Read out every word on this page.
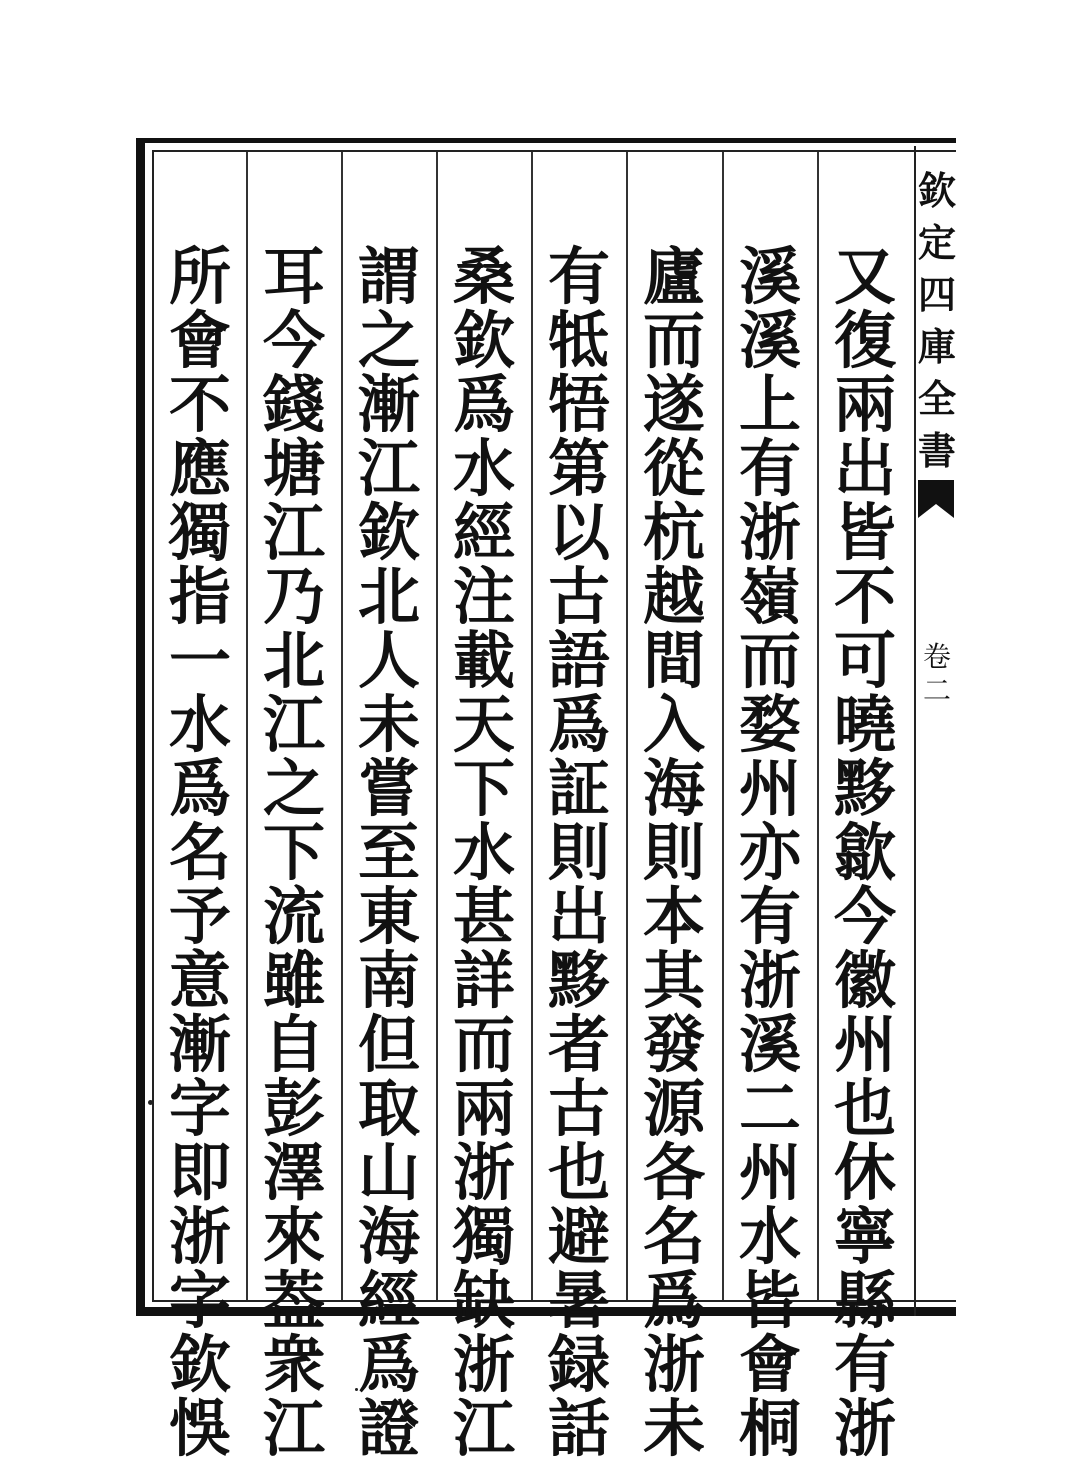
欽
定
四
庫
全
書
卷
二
又
復
兩
出
皆
不
可
曉
黟
歙
今
徽
州
也
休
寧
縣
有
浙
溪
溪
上
有
浙
嶺
而
婺
州
亦
有
浙
溪
二
州
水
皆
會
桐
廬
而
遂
從
杭
越
間
入
海
則
本
其
發
源
各
名
爲
浙
未
有
牴
牾
第
以
古
語
爲
証
則
出
黟
者
古
也
避
暑
録
話
桑
欽
爲
水
經
注
載
天
下
水
甚
詳
而
兩
浙
獨
缺
浙
江
謂
之
漸
江
欽
北
人
未
嘗
至
東
南
但
取
山
海
經
爲
證
耳
今
錢
塘
江
乃
北
江
之
下
流
雖
自
彭
澤
來
葢
衆
江
所
會
不
應
獨
指
一
水
爲
名
予
意
漸
字
即
浙
字
欽
悞
